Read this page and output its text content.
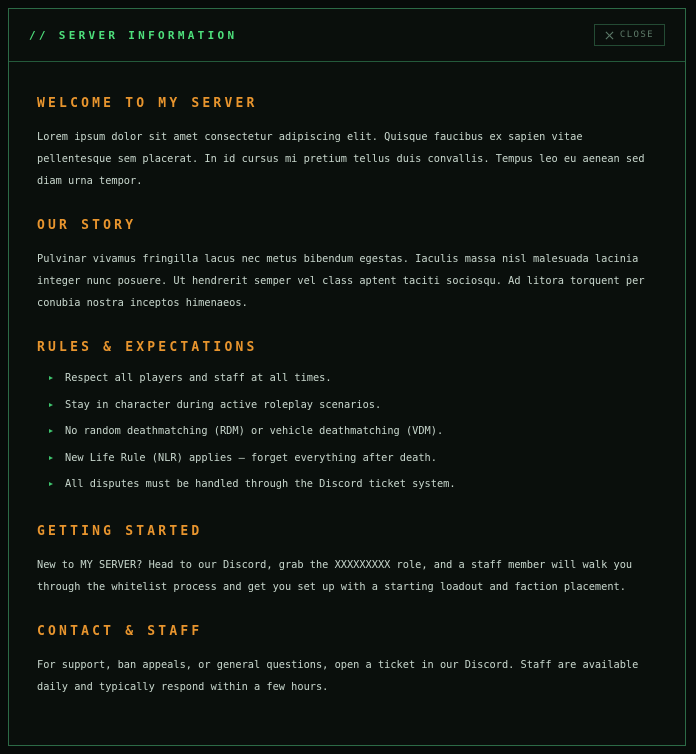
// SERVER INFORMATION	CLOSE
WELCOME TO MY SERVER

Lorem ipsum dolor sit amet consectetur adipiscing elit. Quisque faucibus ex sapien vitae pellentesque sem placerat. In id cursus mi pretium tellus duis convallis. Tempus leo eu aenean sed diam urna tempor.

OUR STORY

Pulvinar vivamus fringilla lacus nec metus bibendum egestas. Iaculis massa nisl malesuada lacinia integer nunc posuere. Ut hendrerit semper vel class aptent taciti sociosqu. Ad litora torquent per conubia nostra inceptos himenaeos.

RULES & EXPECTATIONS
Respect all players and staff at all times.
Stay in character during active roleplay scenarios.
No random deathmatching (RDM) or vehicle deathmatching (VDM).
New Life Rule (NLR) applies — forget everything after death.
All disputes must be handled through the Discord ticket system.
GETTING STARTED

New to MY SERVER? Head to our Discord, grab the XXXXXXXXX role, and a staff member will walk you through the whitelist process and get you set up with a starting loadout and faction placement.

CONTACT & STAFF

For support, ban appeals, or general questions, open a ticket in our Discord. Staff are available daily and typically respond within a few hours.
